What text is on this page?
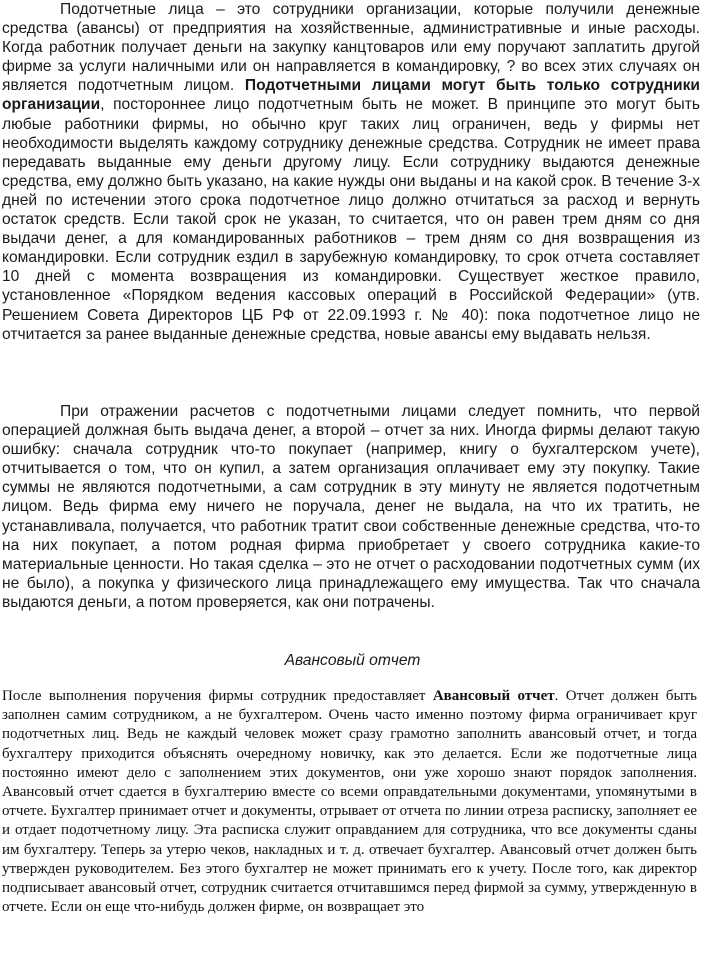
Подотчетные лица – это сотрудники организации, которые получили денежные средства (авансы) от предприятия на хозяйственные, административные и иные расходы. Когда работник получает деньги на закупку канцтоваров или ему поручают заплатить другой фирме за услуги наличными или он направляется в командировку, ? во всех этих случаях он является подотчетным лицом. Подотчетными лицами могут быть только сотрудники организации, постороннее лицо подотчетным быть не может. В принципе это могут быть любые работники фирмы, но обычно круг таких лиц ограничен, ведь у фирмы нет необходимости выделять каждому сотруднику денежные средства. Сотрудник не имеет права передавать выданные ему деньги другому лицу. Если сотруднику выдаются денежные средства, ему должно быть указано, на какие нужды они выданы и на какой срок. В течение 3-х дней по истечении этого срока подотчетное лицо должно отчитаться за расход и вернуть остаток средств. Если такой срок не указан, то считается, что он равен трем дням со дня выдачи денег, а для командированных работников – трем дням со дня возвращения из командировки. Если сотрудник ездил в зарубежную командировку, то срок отчета составляет 10 дней с момента возвращения из командировки. Существует жесткое правило, установленное «Порядком ведения кассовых операций в Российской Федерации» (утв. Решением Совета Директоров ЦБ РФ от 22.09.1993 г. № 40): пока подотчетное лицо не отчитается за ранее выданные денежные средства, новые авансы ему выдавать нельзя.

При отражении расчетов с подотчетными лицами следует помнить, что первой операцией должная быть выдача денег, а второй – отчет за них. Иногда фирмы делают такую ошибку: сначала сотрудник что-то покупает (например, книгу о бухгалтерском учете), отчитывается о том, что он купил, а затем организация оплачивает ему эту покупку. Такие суммы не являются подотчетными, а сам сотрудник в эту минуту не является подотчетным лицом. Ведь фирма ему ничего не поручала, денег не выдала, на что их тратить, не устанавливала, получается, что работник тратит свои собственные денежные средства, что-то на них покупает, а потом родная фирма приобретает у своего сотрудника какие-то материальные ценности. Но такая сделка – это не отчет о расходовании подотчетных сумм (их не было), а покупка у физического лица принадлежащего ему имущества. Так что сначала выдаются деньги, а потом проверяется, как они потрачены.

Авансовый отчет

После выполнения поручения фирмы сотрудник предоставляет Авансовый отчет. Отчет должен быть заполнен самим сотрудником, а не бухгалтером. Очень часто именно поэтому фирма ограничивает круг подотчетных лиц. Ведь не каждый человек может сразу грамотно заполнить авансовый отчет, и тогда бухгалтеру приходится объяснять очередному новичку, как это делается. Если же подотчетные лица постоянно имеют дело с заполнением этих документов, они уже хорошо знают порядок заполнения. Авансовый отчет сдается в бухгалтерию вместе со всеми оправдательными документами, упомянутыми в отчете. Бухгалтер принимает отчет и документы, отрывает от отчета по линии отреза расписку, заполняет ее и отдает подотчетному лицу. Эта расписка служит оправданием для сотрудника, что все документы сданы им бухгалтеру. Теперь за утерю чеков, накладных и т. д. отвечает бухгалтер. Авансовый отчет должен быть утвержден руководителем. Без этого бухгалтер не может принимать его к учету. После того, как директор подписывает авансовый отчет, сотрудник считается отчитавшимся перед фирмой за сумму, утвержденную в отчете. Если он еще что-нибудь должен фирме, он возвращает это
